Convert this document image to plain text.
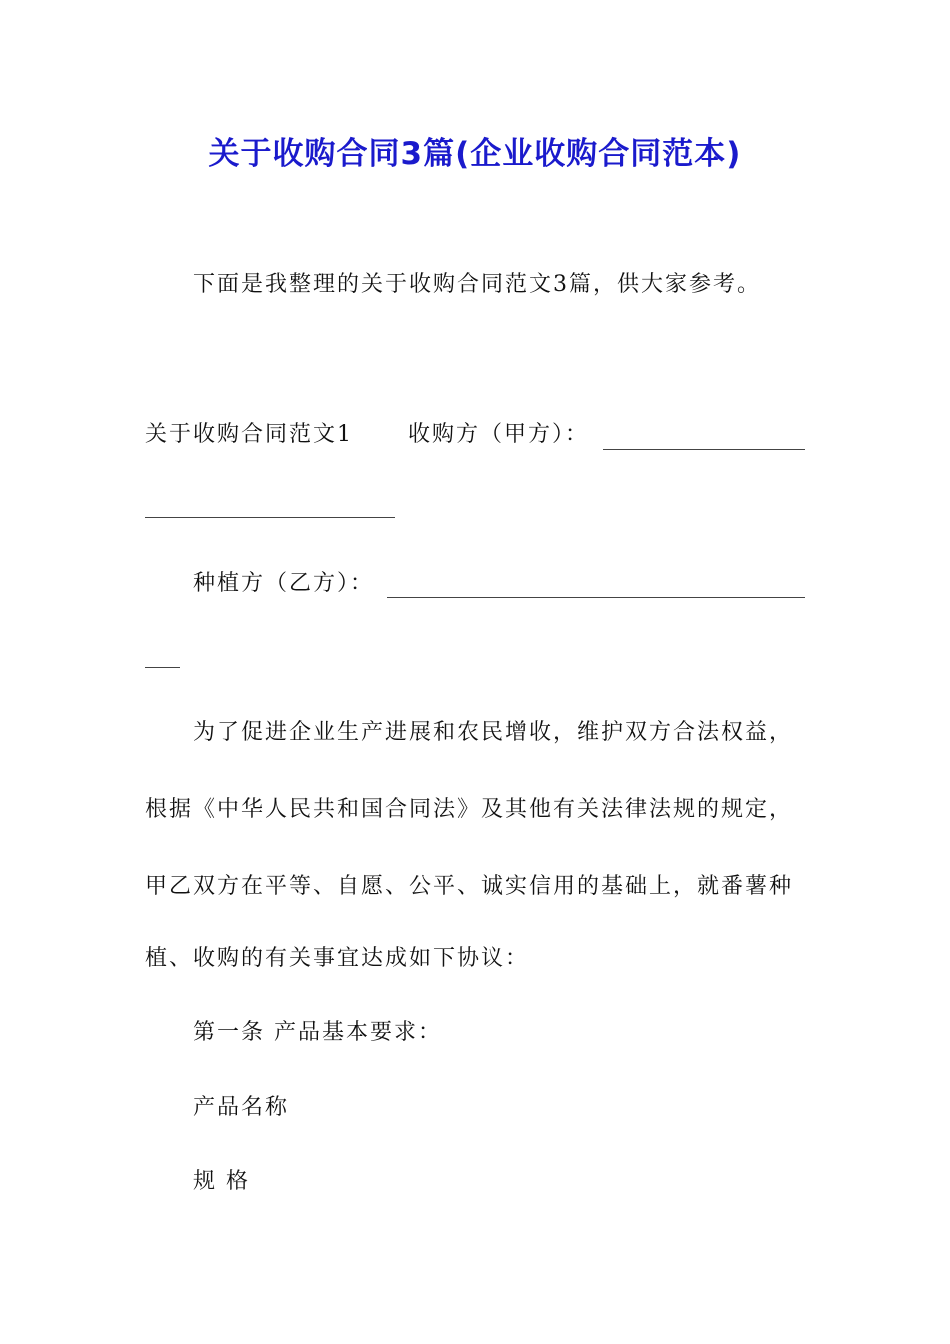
关于收购合同3篇(企业收购合同范本)

下面是我整理的关于收购合同范文3篇，供大家参考。

关于收购合同范文1	收购方（甲方）：

种植方（乙方）：

为了促进企业生产进展和农民增收，维护双方合法权益，

根据《中华人民共和国合同法》及其他有关法律法规的规定，

甲乙双方在平等、自愿、公平、诚实信用的基础上，就番薯种

植、收购的有关事宜达成如下协议：

第一条 产品基本要求：

产品名称

规 格
